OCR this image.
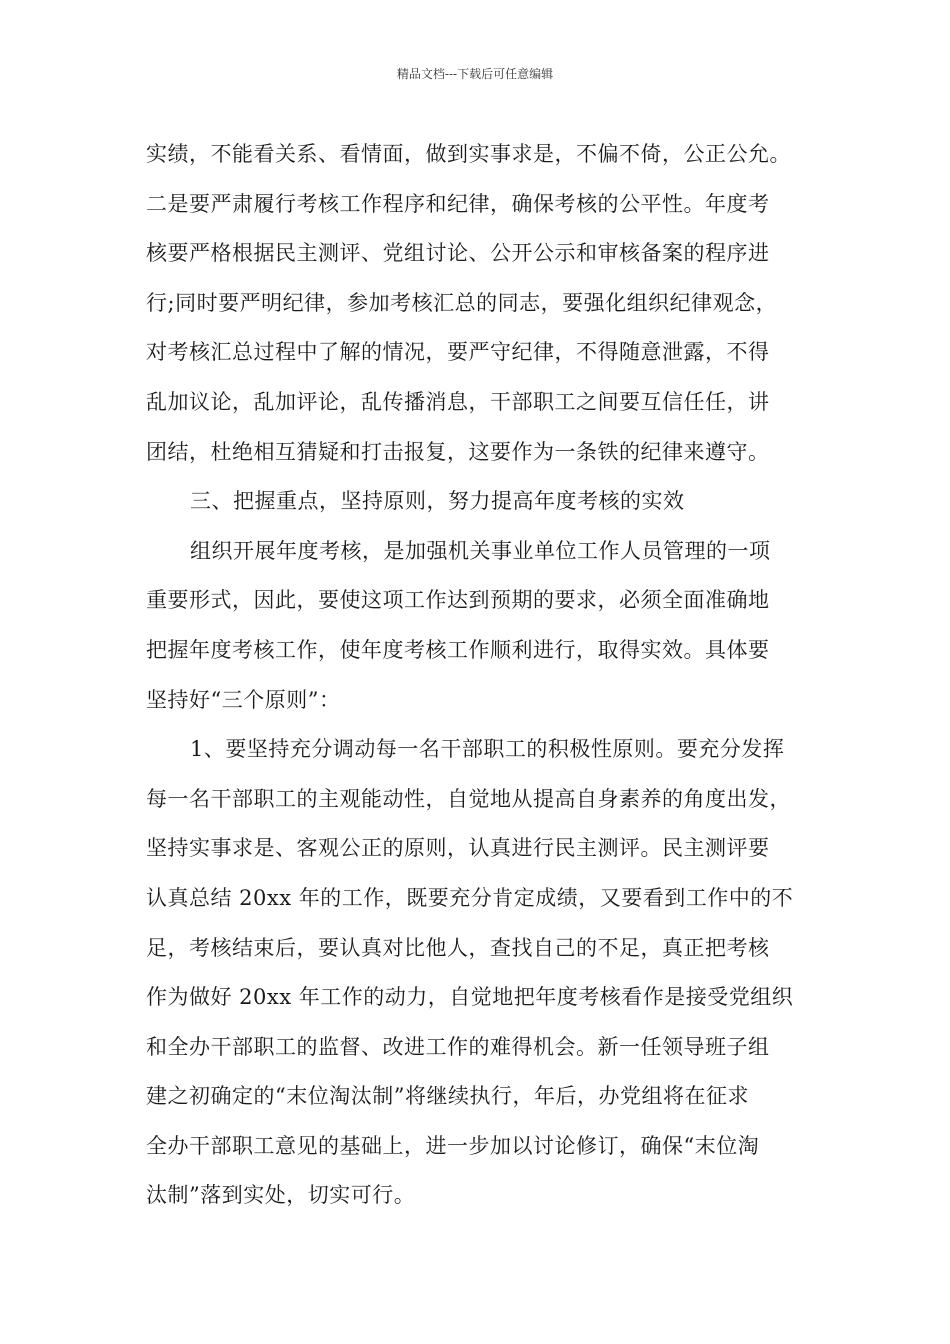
精品文档---下载后可任意编辑
实绩，不能看关系、看情面，做到实事求是，不偏不倚，公正公允。
二是要严肃履行考核工作程序和纪律，确保考核的公平性。年度考
核要严格根据民主测评、党组讨论、公开公示和审核备案的程序进
行;同时要严明纪律，参加考核汇总的同志，要强化组织纪律观念，
对考核汇总过程中了解的情况，要严守纪律，不得随意泄露，不得
乱加议论，乱加评论，乱传播消息，干部职工之间要互信任任，讲
团结，杜绝相互猜疑和打击报复，这要作为一条铁的纪律来遵守。
三、把握重点，坚持原则，努力提高年度考核的实效
组织开展年度考核，是加强机关事业单位工作人员管理的一项
重要形式，因此，要使这项工作达到预期的要求，必须全面准确地
把握年度考核工作，使年度考核工作顺利进行，取得实效。具体要
坚持好“三个原则”：
1、要坚持充分调动每一名干部职工的积极性原则。要充分发挥
每一名干部职工的主观能动性，自觉地从提高自身素养的角度出发，
坚持实事求是、客观公正的原则，认真进行民主测评。民主测评要
认真总结 20xx 年的工作，既要充分肯定成绩，又要看到工作中的不
足，考核结束后，要认真对比他人，查找自己的不足，真正把考核
作为做好 20xx 年工作的动力，自觉地把年度考核看作是接受党组织
和全办干部职工的监督、改进工作的难得机会。新一任领导班子组
建之初确定的“末位淘汰制”将继续执行，年后，办党组将在征求
全办干部职工意见的基础上，进一步加以讨论修订，确保“末位淘
汰制”落到实处，切实可行。
